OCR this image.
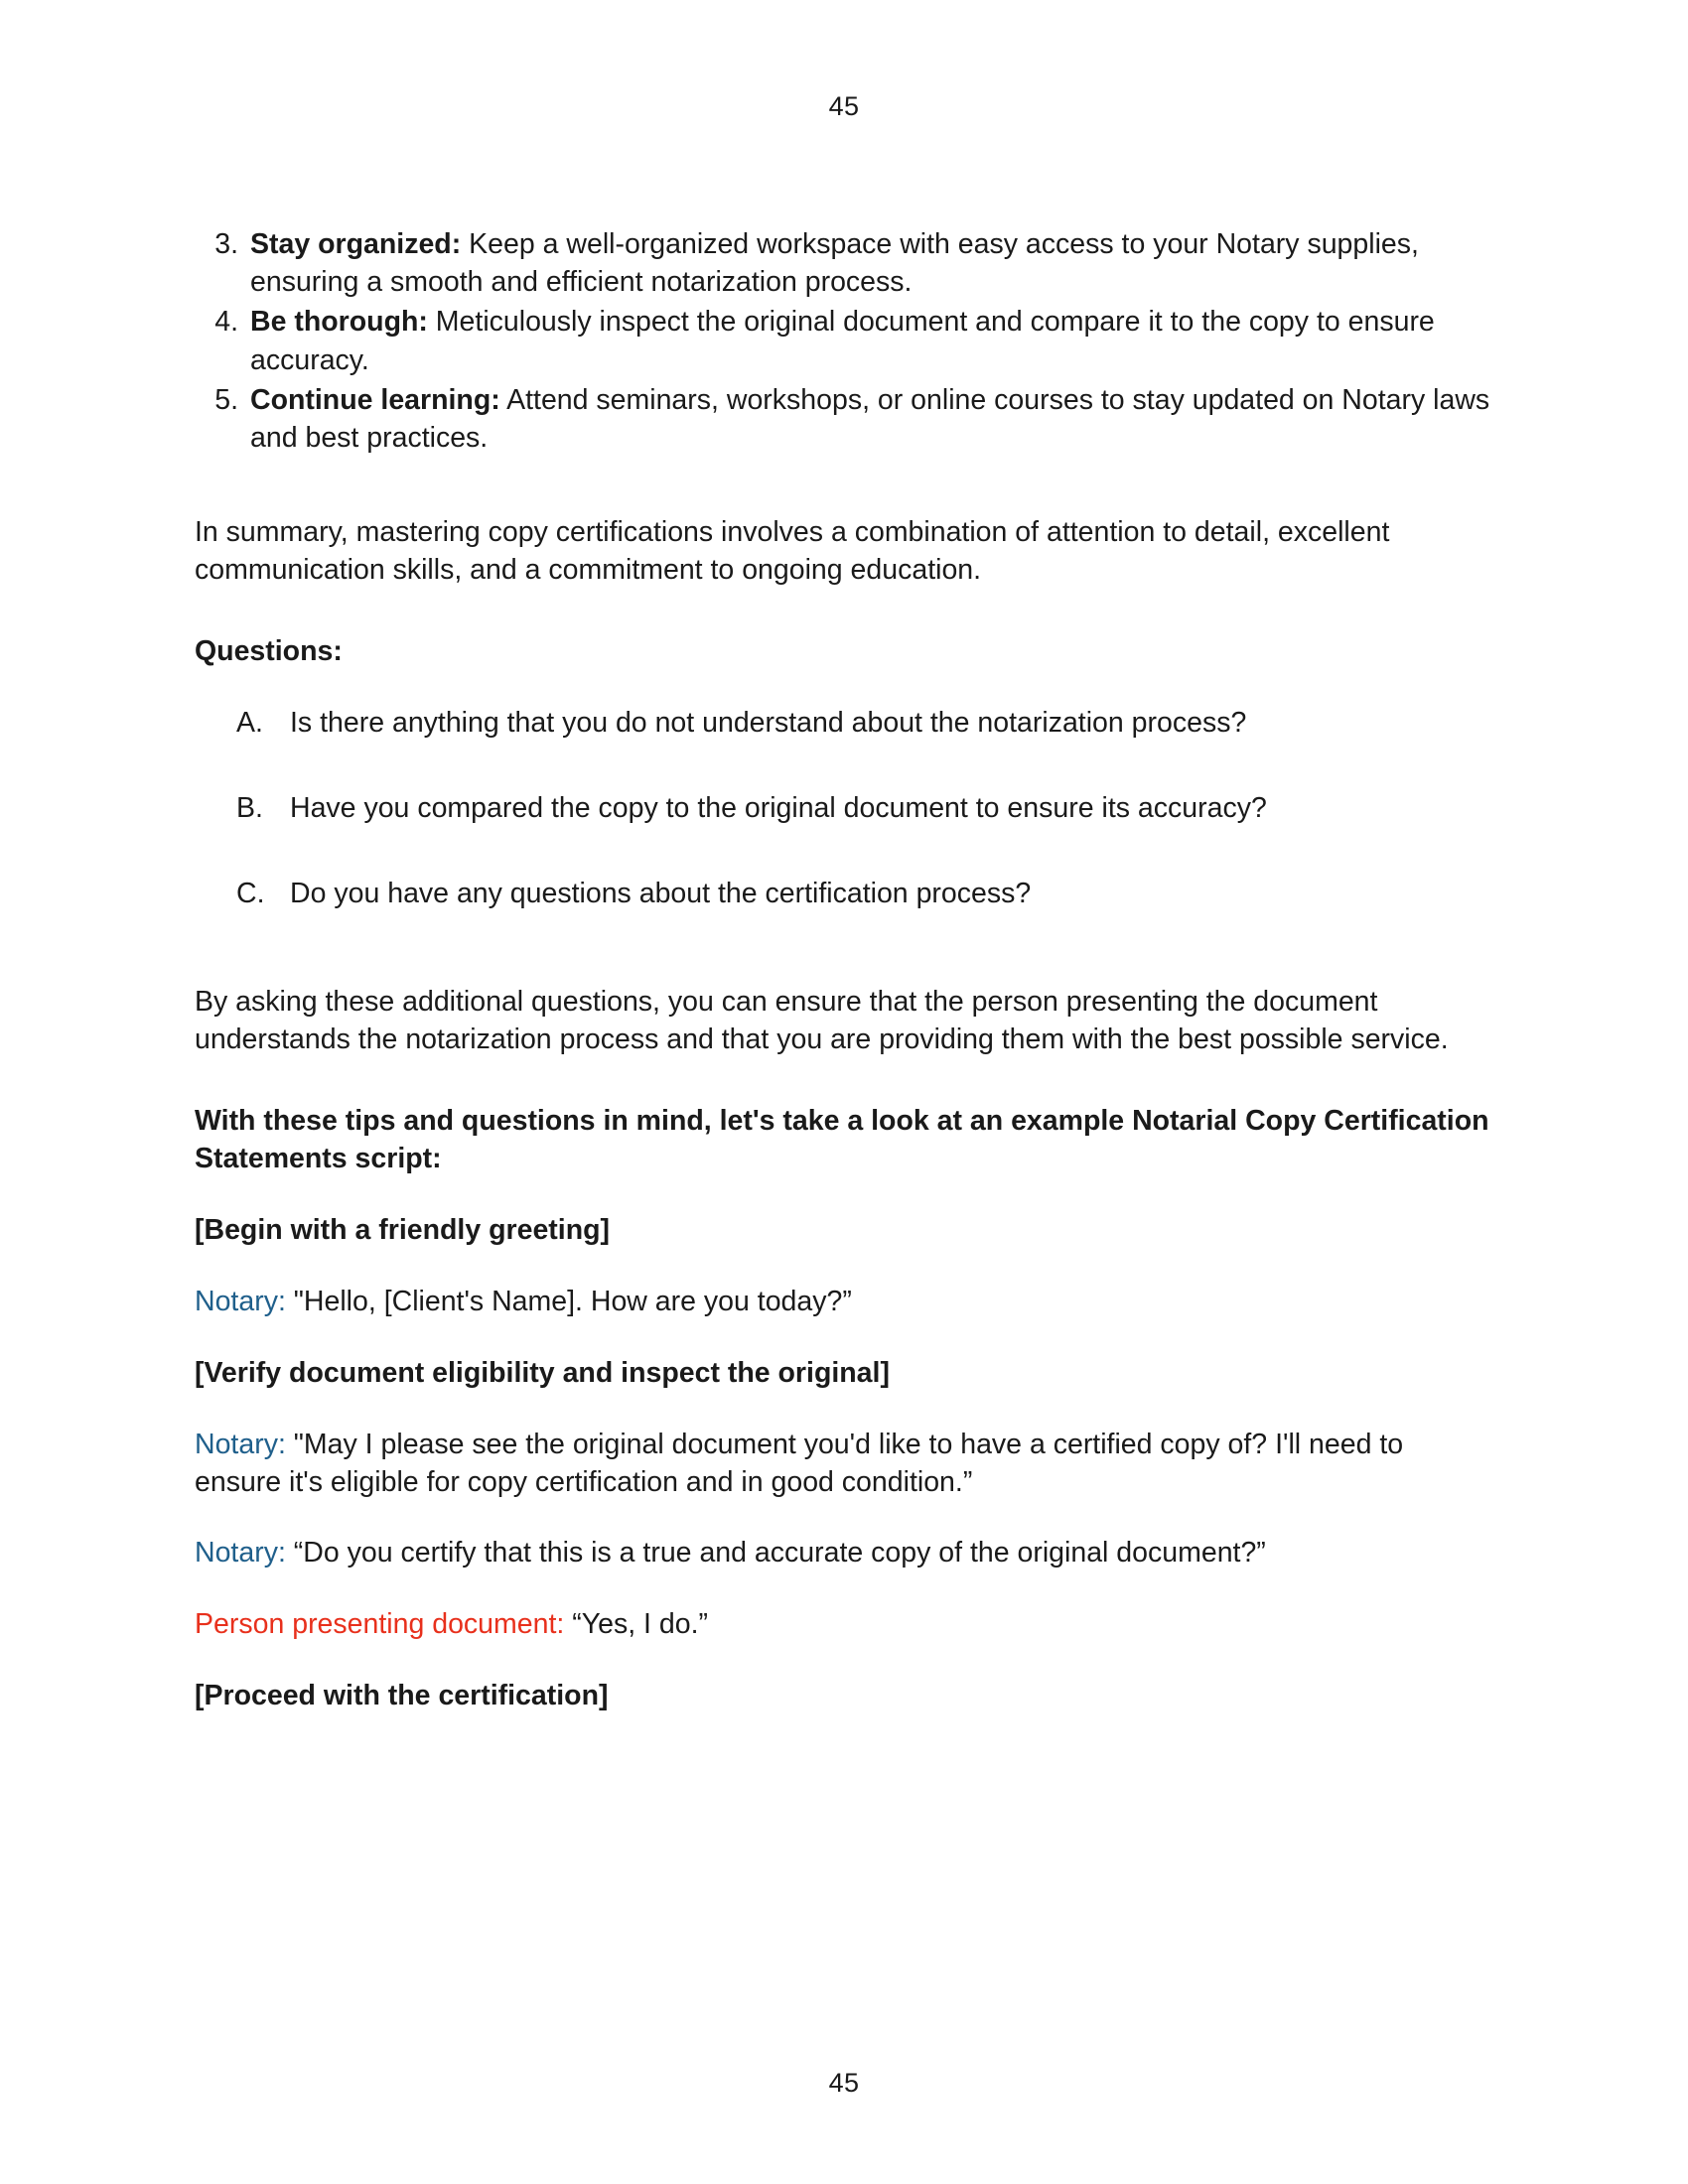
45
3. Stay organized: Keep a well-organized workspace with easy access to your Notary supplies, ensuring a smooth and efficient notarization process.
4. Be thorough: Meticulously inspect the original document and compare it to the copy to ensure accuracy.
5. Continue learning: Attend seminars, workshops, or online courses to stay updated on Notary laws and best practices.

In summary, mastering copy certifications involves a combination of attention to detail, excellent communication skills, and a commitment to ongoing education.

Questions:

A. Is there anything that you do not understand about the notarization process?
B. Have you compared the copy to the original document to ensure its accuracy?
C. Do you have any questions about the certification process?

By asking these additional questions, you can ensure that the person presenting the document understands the notarization process and that you are providing them with the best possible service.

With these tips and questions in mind, let's take a look at an example Notarial Copy Certification Statements script:

[Begin with a friendly greeting]

Notary: "Hello, [Client's Name]. How are you today?”

[Verify document eligibility and inspect the original]

Notary: "May I please see the original document you'd like to have a certified copy of? I'll need to ensure it's eligible for copy certification and in good condition.”

Notary: “Do you certify that this is a true and accurate copy of the original document?”

Person presenting document: “Yes, I do.”

[Proceed with the certification]

45
